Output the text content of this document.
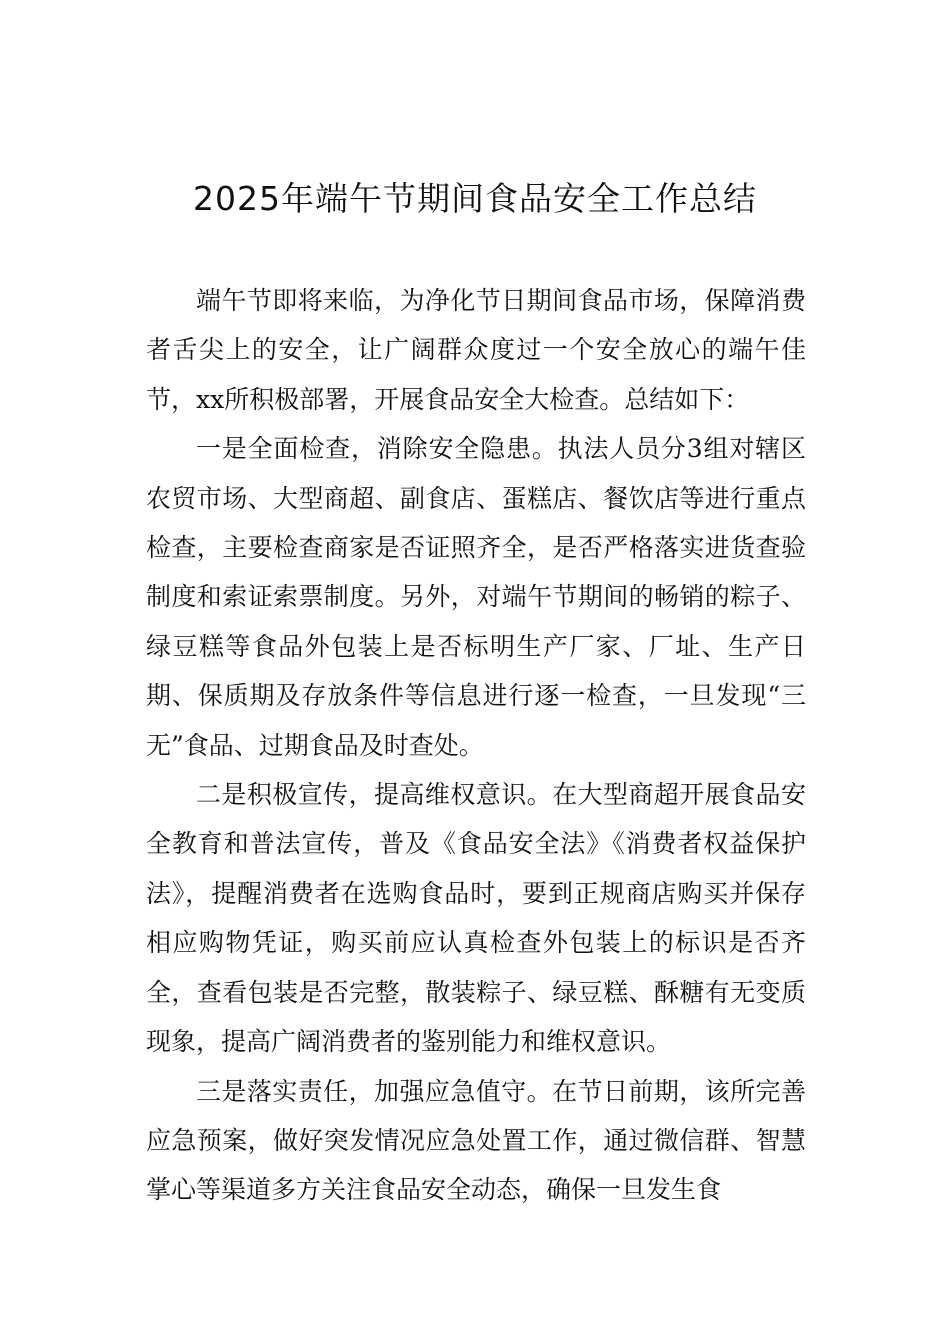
2025年端午节期间食品安全工作总结

端午节即将来临，为净化节日期间食品市场，保障消费者舌尖上的安全，让广阔群众度过一个安全放心的端午佳节，xx所积极部署，开展食品安全大检查。总结如下：

一是全面检查，消除安全隐患。执法人员分3组对辖区农贸市场、大型商超、副食店、蛋糕店、餐饮店等进行重点检查，主要检查商家是否证照齐全，是否严格落实进货查验制度和索证索票制度。另外，对端午节期间的畅销的粽子、绿豆糕等食品外包装上是否标明生产厂家、厂址、生产日期、保质期及存放条件等信息进行逐一检查，一旦发现“三无”食品、过期食品及时查处。

二是积极宣传，提高维权意识。在大型商超开展食品安全教育和普法宣传，普及《食品安全法》《消费者权益保护法》，提醒消费者在选购食品时，要到正规商店购买并保存相应购物凭证，购买前应认真检查外包装上的标识是否齐全，查看包装是否完整，散装粽子、绿豆糕、酥糖有无变质现象，提高广阔消费者的鉴别能力和维权意识。

三是落实责任，加强应急值守。在节日前期，该所完善应急预案，做好突发情况应急处置工作，通过微信群、智慧掌心等渠道多方关注食品安全动态，确保一旦发生食
